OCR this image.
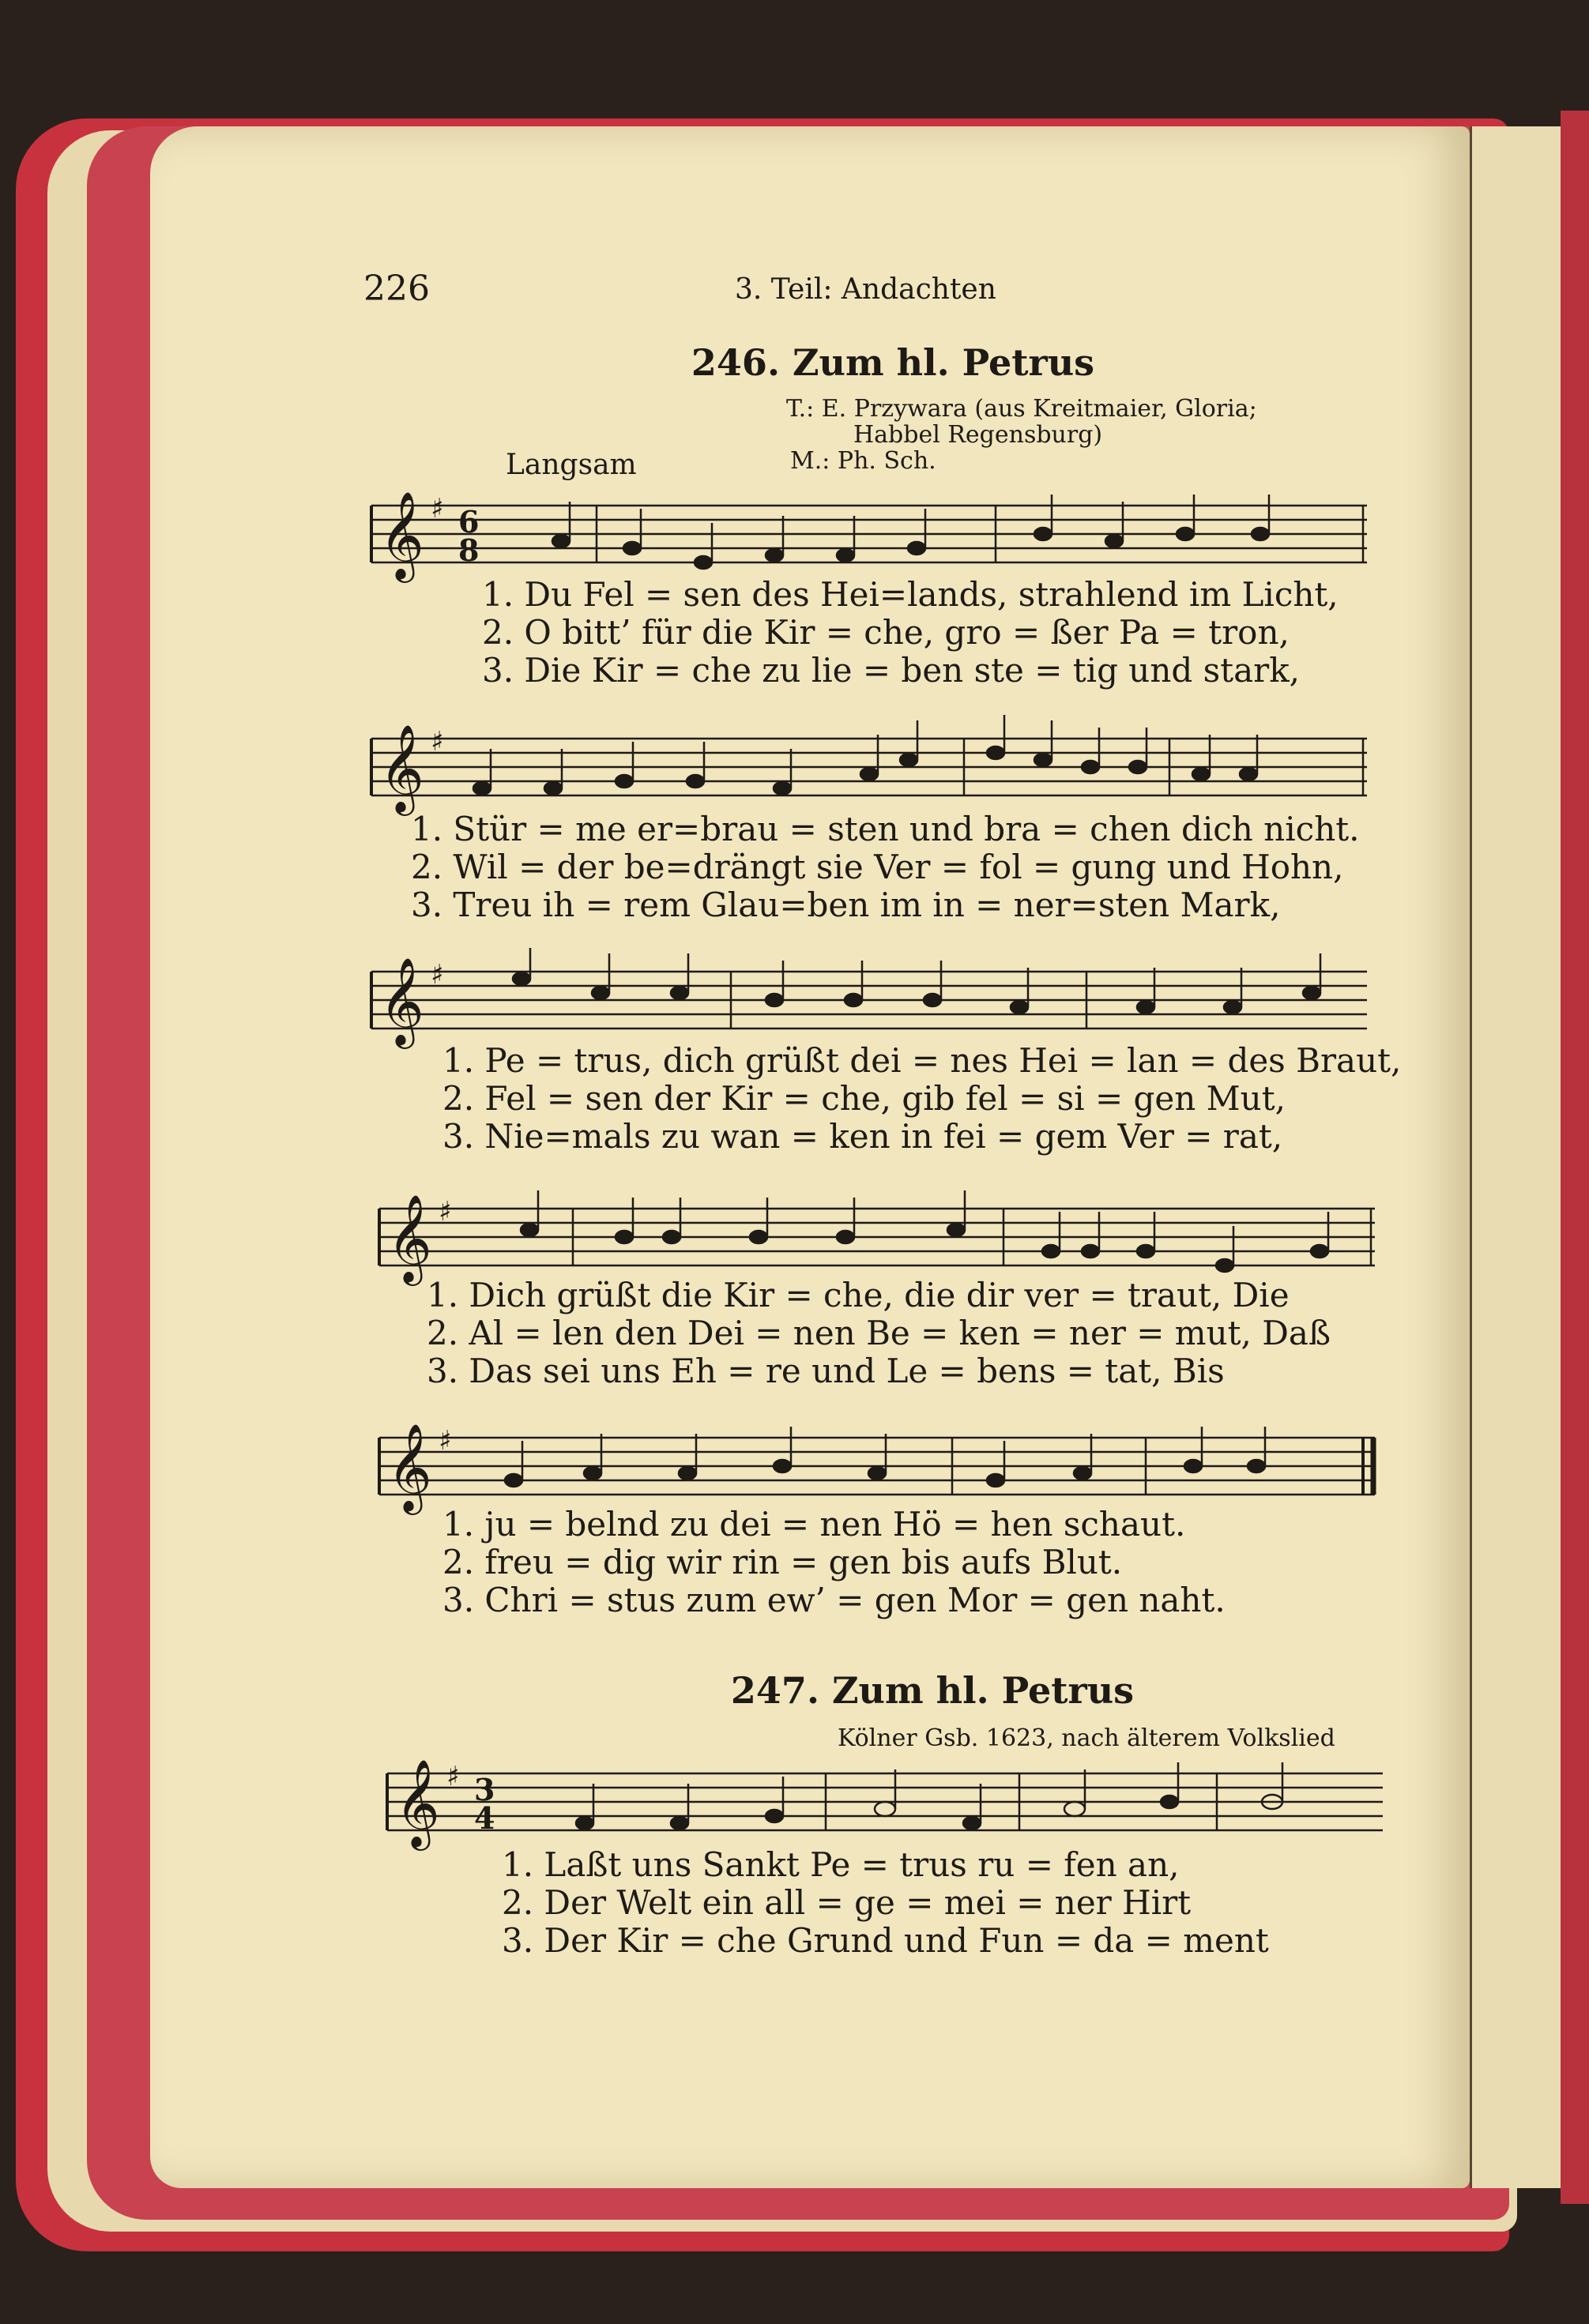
226	3. Teil: Andachten
246. Zum hl. Petrus
T.: E. Przywara (aus Kreitmaier, Gloria;
Habbel Regensburg)
M.: Ph. Sch.
Langsam
𝄞 ♯ 6
8
1. Du Fel = sen des Hei=lands, strahlend im Licht,
2. O bitt’ für die Kir = che, gro = ßer Pa = tron,
3. Die Kir = che zu lie = ben ste = tig und stark,
𝄞 ♯
1. Stür = me er=brau = sten und bra = chen dich nicht.
2. Wil = der be=drängt sie Ver = fol = gung und Hohn,
3. Treu ih = rem Glau=ben im in = ner=sten Mark,
𝄞 ♯
1. Pe = trus, dich grüßt dei = nes Hei = lan = des Braut,
2. Fel = sen der Kir = che, gib fel = si = gen Mut,
3. Nie=mals zu wan = ken in fei = gem Ver = rat,
𝄞 ♯
1. Dich grüßt die Kir = che, die dir ver = traut, Die
2. Al = len den Dei = nen Be = ken = ner = mut, Daß
3. Das sei uns Eh = re und Le = bens = tat, Bis
𝄞 ♯
1. ju = belnd zu dei = nen Hö = hen schaut.
2. freu = dig wir rin = gen bis aufs Blut.
3. Chri = stus zum ew’ = gen Mor = gen naht.
247. Zum hl. Petrus
Kölner Gsb. 1623, nach älterem Volkslied
𝄞 ♯ 3
4
1. Laßt uns Sankt Pe = trus ru = fen an,
2. Der Welt ein all = ge = mei = ner Hirt
3. Der Kir = che Grund und Fun = da = ment
